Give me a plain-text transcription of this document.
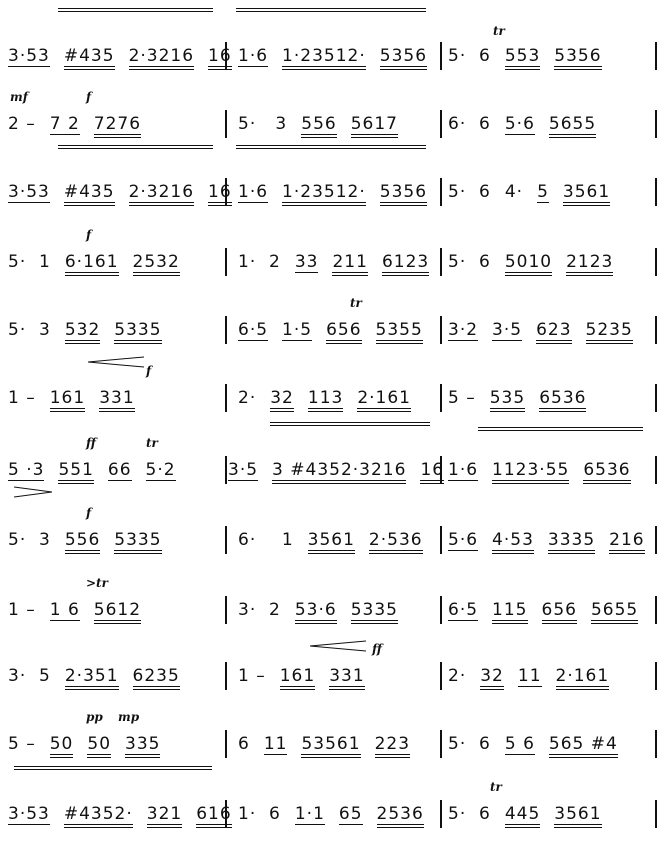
3·53 #435 2·3216 16 1·6 1·23512· 5356 5·  6 553 5356
tr
2 – 7 2 7276	5·   3 556 5617	6·  6 5·6 5655
mf	f
3·53 #435 2·3216 16 1·6 1·23512· 5356 5·  6 4· 5 3561
5·  1 6·161 2532	1·  2 33 211 6123 5·  6 5010 2123
f
5·  3 532 5335	6·5 1·5 656 5355 3·2 3·5 623 5235
tr
1 – 161 331	2· 32 113 2·161 5 – 535 6536
f
5 ·3 551 66 5·2	3·5 3 #4352·3216 16 1·6 1123·55 6536
ff	tr
5·  3 556 5335	6·    1 3561 2·536 5·6 4·53 3335 216
f
1 – 1 6 5612	3·  2 53·6 5335	6·5 115 656 5655
>tr
3·  5 2·351 6235	1 – 161 331	2· 32 11 2·161
ff
5 – 50 50 335	6 11 53561 223 5·  6 5 6 565 #4
pp mp
3·53 #4352· 321 616 1·  6 1·1 65 2536 5·  6 445 3561
tr
